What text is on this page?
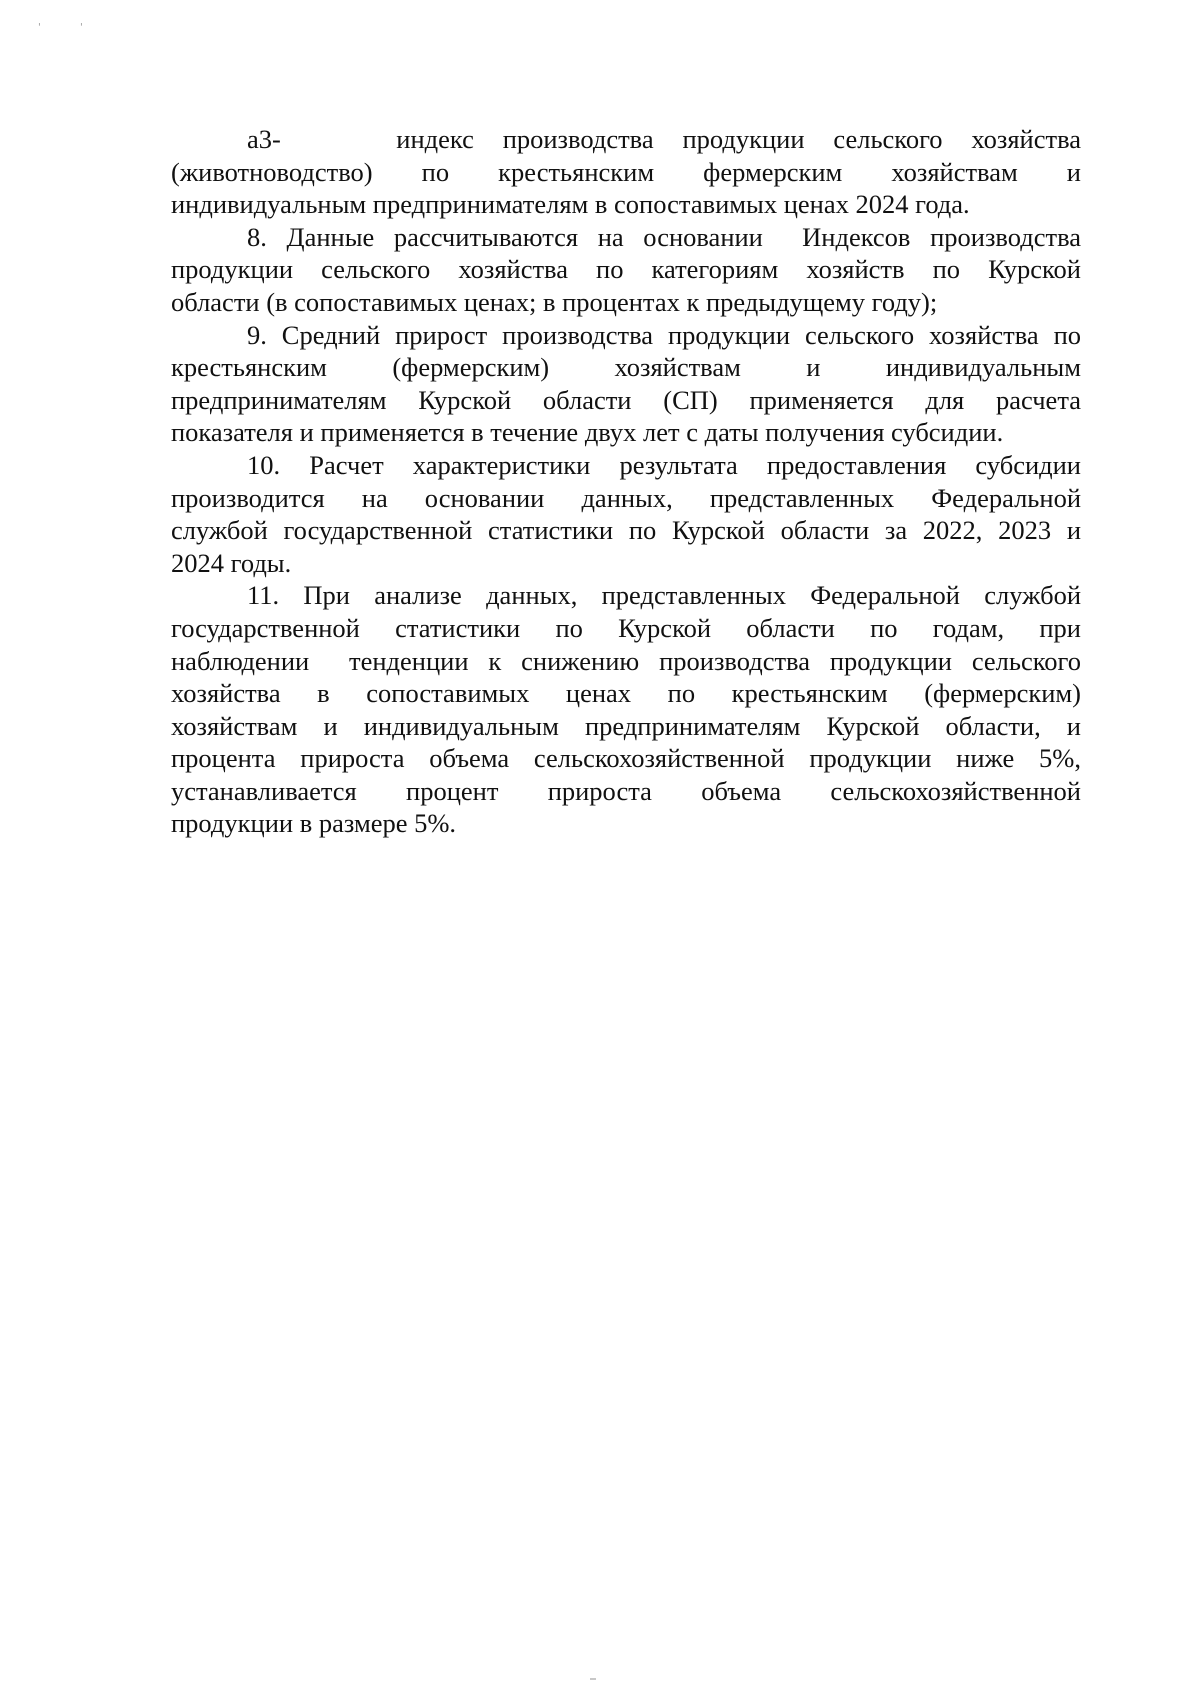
'	'
а3-    индекс производства продукции сельского хозяйства
(животноводство) по крестьянским фермерским хозяйствам и
индивидуальным предпринимателям в сопоставимых ценах 2024 года.
8. Данные рассчитываются на основании  Индексов производства
продукции сельского хозяйства по категориям хозяйств по Курской
области (в сопоставимых ценах; в процентах к предыдущему году);
9. Средний прирост производства продукции сельского хозяйства по
крестьянским (фермерским) хозяйствам и индивидуальным
предпринимателям Курской области (СП) применяется для расчета
показателя и применяется в течение двух лет с даты получения субсидии.
10. Расчет характеристики результата предоставления субсидии
производится на основании данных, представленных Федеральной
службой государственной статистики по Курской области за 2022, 2023 и
2024 годы.
11. При анализе данных, представленных Федеральной службой
государственной статистики по Курской области по годам, при
наблюдении  тенденции к снижению производства продукции сельского
хозяйства в сопоставимых ценах по крестьянским (фермерским)
хозяйствам и индивидуальным предпринимателям Курской области, и
процента прироста объема сельскохозяйственной продукции ниже 5%,
устанавливается процент прироста объема сельскохозяйственной
продукции в размере 5%.
